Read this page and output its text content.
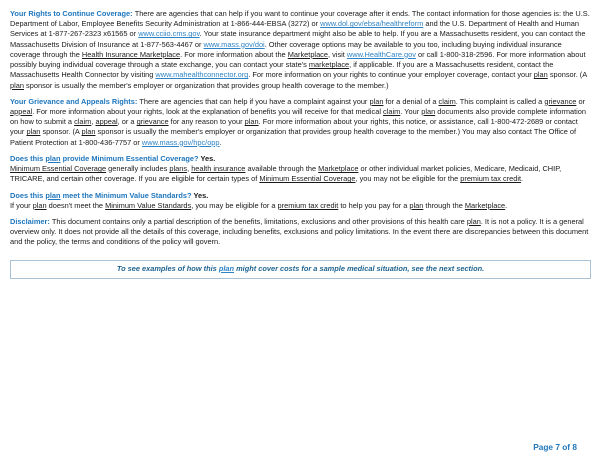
Your Rights to Continue Coverage: There are agencies that can help if you want to continue your coverage after it ends. The contact information for those agencies is: the U.S. Department of Labor, Employee Benefits Security Administration at 1-866-444-EBSA (3272) or www.dol.gov/ebsa/healthreform and the U.S. Department of Health and Human Services at 1-877-267-2323 x61565 or www.cciio.cms.gov. Your state insurance department might also be able to help. If you are a Massachusetts resident, you can contact the Massachusetts Division of Insurance at 1-877-563-4467 or www.mass.gov/doi. Other coverage options may be available to you too, including buying individual insurance coverage through the Health Insurance Marketplace. For more information about the Marketplace, visit www.HealthCare.gov or call 1-800-318-2596. For more information about possibly buying individual coverage through a state exchange, you can contact your state's marketplace, if applicable. If you are a Massachusetts resident, contact the Massachusetts Health Connector by visiting www.mahealthconnector.org. For more information on your rights to continue your employer coverage, contact your plan sponsor. (A plan sponsor is usually the member's employer or organization that provides group health coverage to the member.)

Your Grievance and Appeals Rights: There are agencies that can help if you have a complaint against your plan for a denial of a claim. This complaint is called a grievance or appeal. For more information about your rights, look at the explanation of benefits you will receive for that medical claim. Your plan documents also provide complete information on how to submit a claim, appeal, or a grievance for any reason to your plan. For more information about your rights, this notice, or assistance, call 1-800-472-2689 or contact your plan sponsor. (A plan sponsor is usually the member's employer or organization that provides group health coverage to the member.) You may also contact The Office of Patient Protection at 1-800-436-7757 or www.mass.gov/hpc/opp.

Does this plan provide Minimum Essential Coverage? Yes.

Minimum Essential Coverage generally includes plans, health insurance available through the Marketplace or other individual market policies, Medicare, Medicaid, CHIP, TRICARE, and certain other coverage. If you are eligible for certain types of Minimum Essential Coverage, you may not be eligible for the premium tax credit.

Does this plan meet the Minimum Value Standards? Yes.

If your plan doesn't meet the Minimum Value Standards, you may be eligible for a premium tax credit to help you pay for a plan through the Marketplace.

Disclaimer: This document contains only a partial description of the benefits, limitations, exclusions and other provisions of this health care plan. It is not a policy. It is a general overview only. It does not provide all the details of this coverage, including benefits, exclusions and policy limitations. In the event there are discrepancies between this document and the policy, the terms and conditions of the policy will govern.

To see examples of how this plan might cover costs for a sample medical situation, see the next section.

Page 7 of 8
